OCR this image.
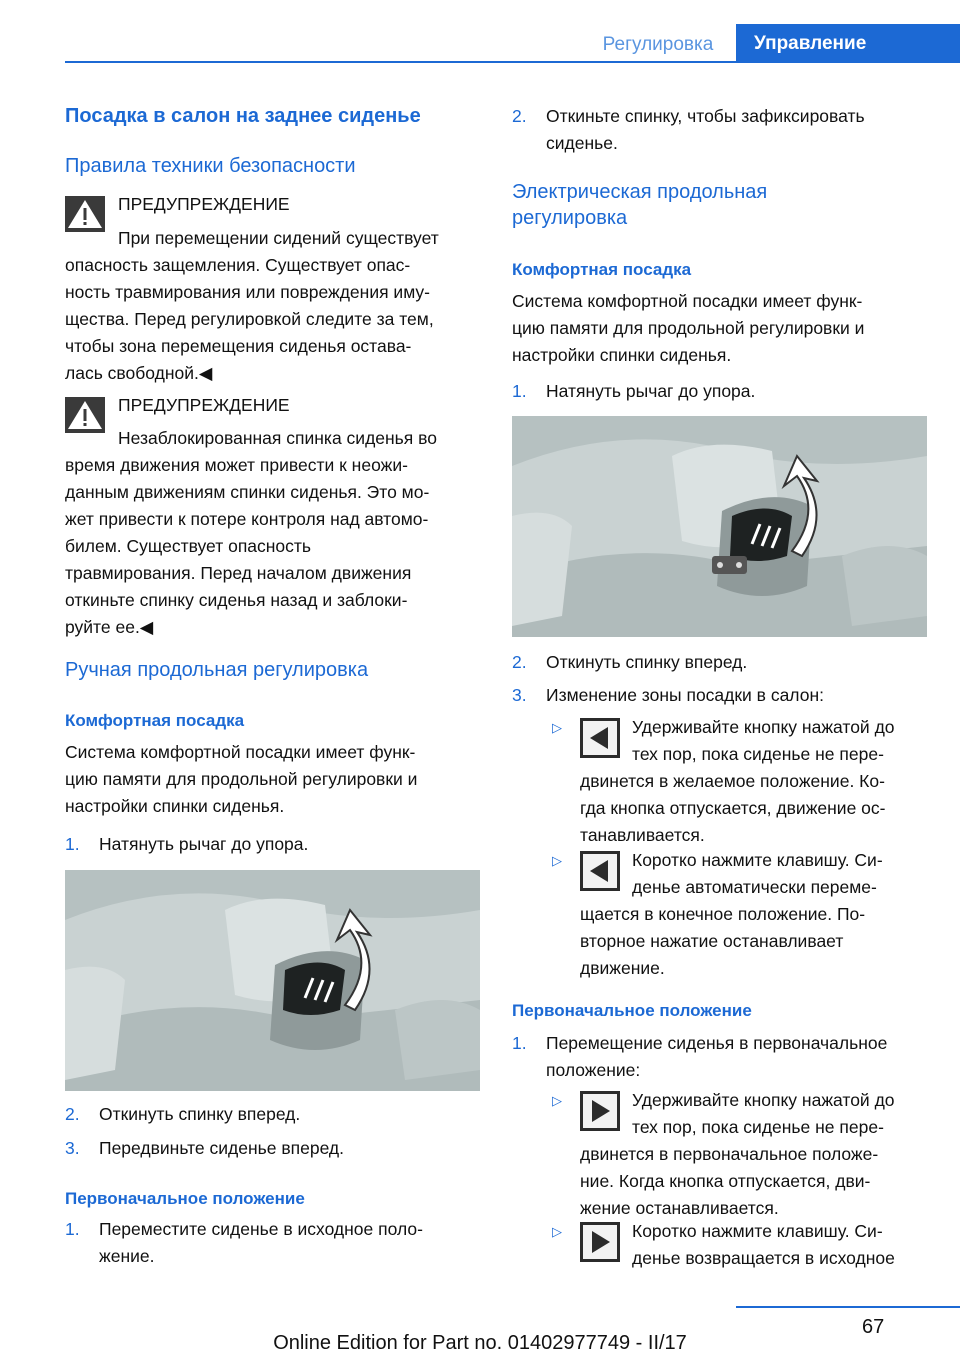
Регулировка	Управление
Посадка в салон на заднее сиденье
Правила техники безопасности
ПРЕДУПРЕЖДЕНИЕ
При перемещении сидений существует
опасность защемления. Существует опас-
ность травмирования или повреждения иму-
щества. Перед регулировкой следите за тем,
чтобы зона перемещения сиденья остава-
лась свободной.◀
ПРЕДУПРЕЖДЕНИЕ
Незаблокированная спинка сиденья во
время движения может привести к неожи-
данным движениям спинки сиденья. Это мо-
жет привести к потере контроля над автомо-
билем. Существует опасность
травмирования. Перед началом движения
откиньте спинку сиденья назад и заблоки-
руйте ее.◀
Ручная продольная регулировка
Комфортная посадка
Система комфортной посадки имеет функ-
цию памяти для продольной регулировки и
настройки спинки сиденья.
1. Натянуть рычаг до упора.
2. Откинуть спинку вперед.
3. Передвиньте сиденье вперед.
Первоначальное положение
1. Переместите сиденье в исходное поло-
жение.
2. Откиньте спинку, чтобы зафиксировать
сиденье.
Электрическая продольная
регулировка
Комфортная посадка
Система комфортной посадки имеет функ-
цию памяти для продольной регулировки и
настройки спинки сиденья.
1. Натянуть рычаг до упора.
2. Откинуть спинку вперед.
3. Изменение зоны посадки в салон:
▷	Удерживайте кнопку нажатой до
тех пор, пока сиденье не пере-
двинется в желаемое положение. Ко-
гда кнопка отпускается, движение ос-
танавливается.
▷	Коротко нажмите клавишу. Си-
денье автоматически переме-
щается в конечное положение. По-
вторное нажатие останавливает
движение.
Первоначальное положение
1. Перемещение сиденья в первоначальное
положение:
▷	Удерживайте кнопку нажатой до
тех пор, пока сиденье не пере-
двинется в первоначальное положе-
ние. Когда кнопка отпускается, дви-
жение останавливается.
▷	Коротко нажмите клавишу. Си-
денье возвращается в исходное
67
Online Edition for Part no. 01402977749 - II/17
